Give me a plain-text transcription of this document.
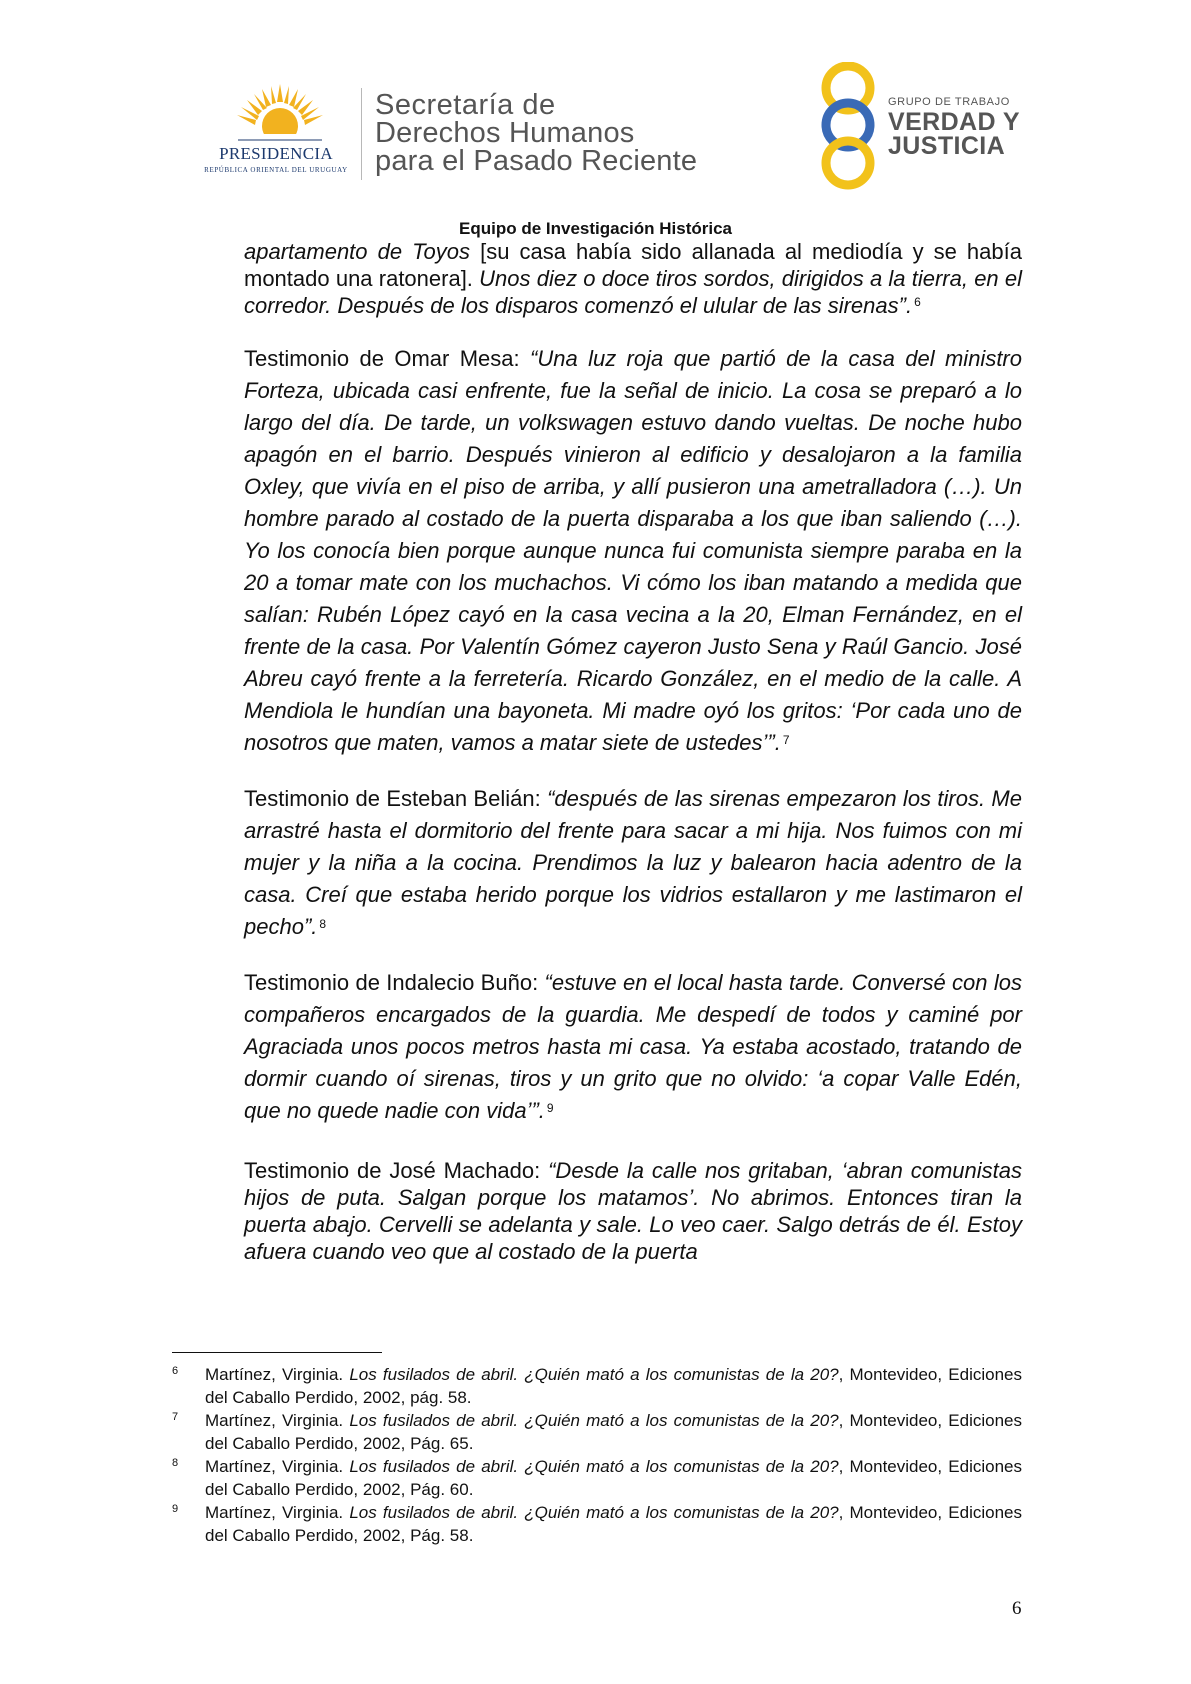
PRESIDENCIA
REPÚBLICA ORIENTAL DEL URUGUAY
Secretaría de
Derechos Humanos
para el Pasado Reciente
GRUPO DE TRABAJO
VERDAD Y
JUSTICIA
Equipo de Investigación Histórica

apartamento de Toyos [su casa había sido allanada al mediodía y se había montado una ratonera]. Unos diez o doce tiros sordos, dirigidos a la tierra, en el corredor. Después de los disparos comenzó el ulular de las sirenas”. $^6$

Testimonio de Omar Mesa: “Una luz roja que partió de la casa del ministro Forteza, ubicada casi enfrente, fue la señal de inicio. La cosa se preparó a lo largo del día. De tarde, un volkswagen estuvo dando vueltas. De noche hubo apagón en el barrio. Después vinieron al edificio y desalojaron a la familia Oxley, que vivía en el piso de arriba, y allí pusieron una ametralladora (…). Un hombre parado al costado de la puerta disparaba a los que iban saliendo (…). Yo los conocía bien porque aunque nunca fui comunista siempre paraba en la 20 a tomar mate con los muchachos. Vi cómo los iban matando a medida que salían: Rubén López cayó en la casa vecina a la 20, Elman Fernández, en el frente de la casa. Por Valentín Gómez cayeron Justo Sena y Raúl Gancio. José Abreu cayó frente a la ferretería. Ricardo González, en el medio de la calle. A Mendiola le hundían una bayoneta. Mi madre oyó los gritos: ‘Por cada uno de nosotros que maten, vamos a matar siete de ustedes’”. $^7$

Testimonio de Esteban Belián: “después de las sirenas empezaron los tiros. Me arrastré hasta el dormitorio del frente para sacar a mi hija. Nos fuimos con mi mujer y la niña a la cocina. Prendimos la luz y balearon hacia adentro de la casa. Creí que estaba herido porque los vidrios estallaron y me lastimaron el pecho”. $^8$

Testimonio de Indalecio Buño: “estuve en el local hasta tarde. Conversé con los compañeros encargados de la guardia. Me despedí de todos y caminé por Agraciada unos pocos metros hasta mi casa. Ya estaba acostado, tratando de dormir cuando oí sirenas, tiros y un grito que no olvido: ‘a copar Valle Edén, que no quede nadie con vida’”. $^9$

Testimonio de José Machado: “Desde la calle nos gritaban, ‘abran comunistas hijos de puta. Salgan porque los matamos’. No abrimos. Entonces tiran la puerta abajo. Cervelli se adelanta y sale. Lo veo caer. Salgo detrás de él. Estoy afuera cuando veo que al costado de la puerta

6 Martínez, Virginia. Los fusilados de abril. ¿Quién mató a los comunistas de la 20?, Montevideo, Ediciones del Caballo Perdido, 2002, pág. 58.

7 Martínez, Virginia. Los fusilados de abril. ¿Quién mató a los comunistas de la 20?, Montevideo, Ediciones del Caballo Perdido, 2002, Pág. 65.

8 Martínez, Virginia. Los fusilados de abril. ¿Quién mató a los comunistas de la 20?, Montevideo, Ediciones del Caballo Perdido, 2002, Pág. 60.

9 Martínez, Virginia. Los fusilados de abril. ¿Quién mató a los comunistas de la 20?, Montevideo, Ediciones del Caballo Perdido, 2002, Pág. 58.

6
